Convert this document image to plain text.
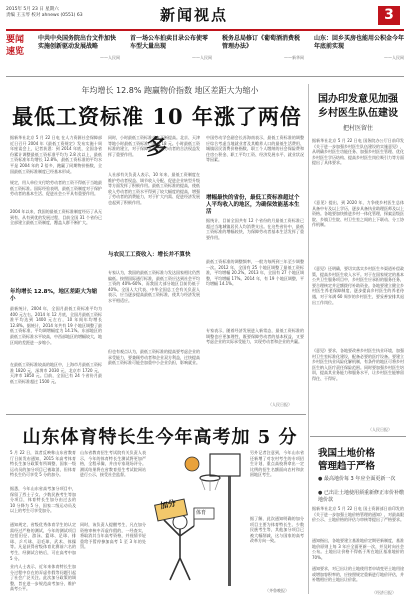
2015年 5月 23 日 星期六
责编 王玉琴 校对 ahnews (0551) 63	新闻视点	3
要闻
速览
中共中央国务院出台文件加快实施创新驱动发展战略
——人民网
首一场公车拍卖目录公布使零车型大量出现
——人民网
税务总局修订《葡萄酒消费税管理办法》
——新华网
山东：回乡买房也能用公积金今年年底前实现
——人民网
年均增长 12.8% 跑赢物价指数 地区差距大为缩小
最低工资标准 10 年涨了两倍多
据新华社北京 5 月 22 日电 在人力资源社会保障部 近日召开 2004 年《最低工资规定》发布实施十周年座谈会上，记者获悉：到 2014 年底，全国各省份累计调整最低工资标准平均为 2.8 次以上，最低工资标准年均增长 12.8%，最低工资标准的平均水平是 2004 年的 2 倍多，跑赢了同期物价指数，全国最低工资标准制度已经基本形成。
规定，用人单位支付给劳动者的工资不得低于当地最低工资标准。国际经验表明，最低工资制度对于保护劳动者的基本生活、促进社会公平具有重要作用。
2004 年以来，我国的最低工资标准制度经历了从无到有、从有到优的发展过程，目前全国 31 个省份已全部建立最低工资制度，覆盖人群不断扩大。
年均增长 12.8%，地区差距大为缩小
最新统计，2004 年，全国月最低工资标准平均为 400 元左右。2014 年 12 月底，全国月最低工资标准平均达到 1400 元左右，10 年间年均增长 12.8%。据统计，2014 年共有 19 个地区调整了最低工资标准，平均调增幅度为 14.1%。东部地区的最低工资标准水平较高，中西部地区的增幅较大，地区间的差距进一步缩小。
在最低工资标准较高的地区中，上海市月最低工资标准 1820 元，深圳市 2030 元，北京市 1720 元，天津市 1850 元。目前，全国已有 24 个省份月最低工资标准超过 1500 元。
同时，小时最低工资标准也在不断提高。北京、天津等地小时最低工资标准已超过 18 元。小时最低工资标准的建立，对于保障非全日制劳动者的合法权益发挥了重要作用。
人社部有关负责人表示，10 年来，最低工资制度在维护劳动者权益、调节收入分配、促进企业转型升级等方面发挥了积极作用。最低工资标准的提高，使低收入劳动者的工资水平得到了较大幅度的提高，增强了劳动者的消费能力，对于扩大内需、促进经济发展也起到了积极作用。
与农民工工资收入：增长并不算快
专家认为，我国的最低工资标准与发达国家相比仍然偏低。按照国际通行标准，最低工资应达到社会平均工资的 40%-60%，而我国大部分地区目前仍低于 40%。全国人大代表、中华全国总工会有关负责人表示，应当逐步提高最低工资标准，使其与经济发展水平相适应。
但也有观点认为，最低工资标准的提高要考虑企业的承受能力，要兼顾劳动者和企业双方利益，过快提高最低工资标准可能会加重中小企业负担，影响就业。
中国劳动学会副会长苏海南表示，最低工资标准的调整应综合考虑当地就业者及其赡养人口的最低生活费用、城镇居民消费价格指数、职工个人缴纳的社会保险费和住房公积金、职工平均工资、经济发展水平、就业状况等因素。
增幅最快的省份，最低工资标准超过个人平均收入的地区，为确保效能基本生活
据统计，目前全国共有 12 个省份的月最低工资标准已超过当地城镇居民人均消费支出。在这些省份中，最低工资标准的增幅较快，为保障劳动者基本生活发挥了重要作用。
最低工资标准的调整频率，一般为每两到三年至少调整一次。2012 年，全国有 25 个地区调整了最低工资标准，平均增幅 20.2%。2013 年，全国有 27 个地区调整，平均增幅 17%。2014 年，有 19 个地区调整，平均增幅 14.1%。
专家表示，随着经济发展进入新常态，最低工资标准的调整也应更加理性，既要保障劳动者的基本权益，又要考虑企业的实际承受能力，实现劳动者和企业的共赢。
（人民日报）
国办印发意见加强
乡村医生队伍建设
把村医留住
据新华社北京 5 月 22 日电 国务院办公厅日前印发《关于进一步加强乡村医生队伍建设的实施意见》，从明确乡村医生功能任务、加强乡村医生管理、优化乡村医生学历结构、提高乡村医生岗位吸引力等方面提出了具体要求。
《意见》提出，到 2020 年，力争使乡村医生总体具备中专及以上学历，逐步具备执业助理医师及以上资格。各地要加快推进乡村一体化管理，探索县级医院、乡镇卫生院、村卫生室之间的上下联动、分工协作机制。
《意见》还明确，要切实落实乡村医生多渠道补偿政策，提高乡村医生收入水平。对于在国家规定的基本公共卫生服务项目中，乡村医生应承担的服务任务，要合理核定并足额拨付补助资金。各地要建立健全乡村医生养老保障制度，逐步提高乡村医生的养老待遇，对于年满 60 周岁的乡村医生，要妥善安排其退出工作岗位。
《意见》要求，各地要改善乡村医生执业环境，加强村卫生室标准化建设，配备必要的医疗设备。要建立乡村医生执业风险化解机制，有条件的地区可将乡村医生纳入医疗责任保险范围。同时要加强乡村医生培训，提高其业务能力和服务水平，让乡村医生能够留得住、干得好。
（人民日报）
山东体育特长生今年高考加 5 分
5 月 22 日，读者反映称山东省教育厅日前发布通知，2015 年高考体育特长生加分政策有所调整，国家一级运动员的加分项目已被取消，但体育特长生仍可享受 5 分的加分。
据悉，今年山东省高考加分项目中，保留了烈士子女、少数民族考生等加分项目，体育特长生加分由过去的 10 分降为 5 分，国家二级运动员及以上的考生可享受加分。
通知规定，省级优秀体育学生的认定需经过严格的测试，今年的测试项目包括田径、游泳、篮球、足球、排球、乒乓球、羽毛球、武术、体操等。凡是获得省级体育比赛前六名的考生，经测试合格后，可在高考中加 5 分。
业内人士表示，近年来体育特长生加分过程中存在的弄虚作假等问题引起了社会广泛关注。此次加分政策的调整，旨在进一步规范高考加分，维护高考公平。
山东省教育招生考试院有关负责人表示，今年的体育特长生测试将更加严格，全程录像，并由专家现场评分。测试结果将在省教育招生考试院网站进行公示，接受社会监督。
同时，该负责人提醒考生，凡在加分资格审核中弄虚作假的，一经查实，将取消其当年高考资格，并视情节轻重给予暂停参加高考 1 至 3 年的处罚。
加分
体育
另外记者注意到，今年山东省还新增了对农村考生的专项招生计划，重点高校将拿出一定比例的招生名额面向农村和贫困地区考生。
据了解，此次通知明确的加分项目主要为体育特长生、少数民族考生等，其他加分项目已被大幅削减，这与国家的高考改革方向一致。
（齐鲁晚报）
我国土地价格
管理趋于严格
● 最高地价每 3 年应全面更新一次
● 已出让土地使用须重新修正市价补缴地价款
据新华社北京 5 月 22 日电 国土资源部日前印发的《关于进一步加强土地价格管理的通知》，对最高限价公示、土地价格的评估与审核等提出了严格要求。
通知指出，各地要建立基准地价定期更新制度，基准地价原则上每 3 年应全面更新一次，并及时向社会公布。土地出让价格不得低于所在地区基准地价的 70%。
通知要求，对已出让的土地使用者申请变更土地用途或增加容积率的，应按照规定重新进行地价评估，并补缴相应的土地出让价款。
（经济日报）
